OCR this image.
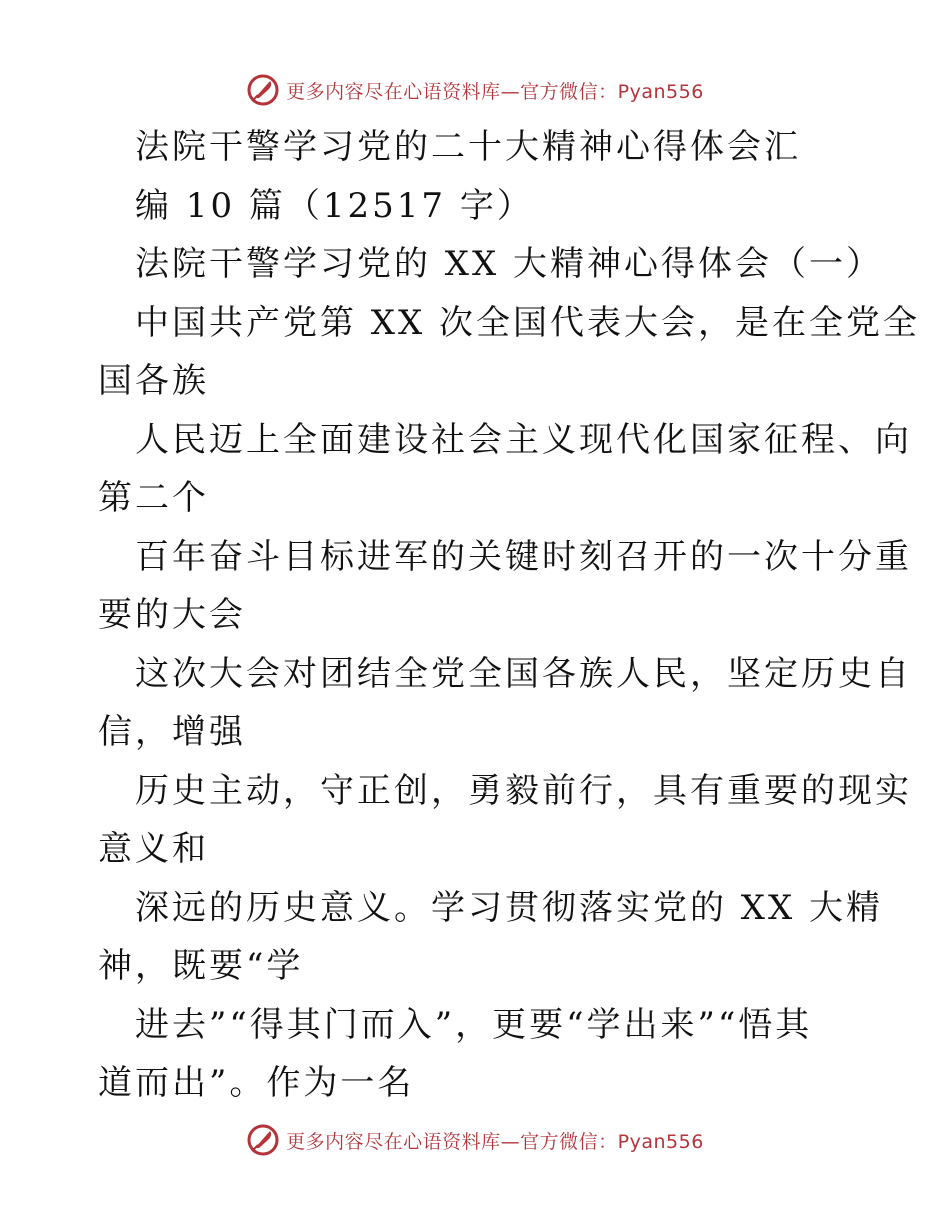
更多内容尽在心语资料库—官方微信：Pyan556
法院干警学习党的二十大精神心得体会汇
编 10 篇（12517 字）
法院干警学习党的 XX 大精神心得体会（一）
中国共产党第 XX 次全国代表大会，是在全党全
国各族
人民迈上全面建设社会主义现代化国家征程、向
第二个
百年奋斗目标进军的关键时刻召开的一次十分重
要的大会
这次大会对团结全党全国各族人民，坚定历史自
信，增强
历史主动，守正创，勇毅前行，具有重要的现实
意义和
深远的历史意义。学习贯彻落实党的 XX 大精
神，既要“学
进去”“得其门而入”，更要“学出来”“悟其
道而出”。作为一名
更多内容尽在心语资料库—官方微信：Pyan556
